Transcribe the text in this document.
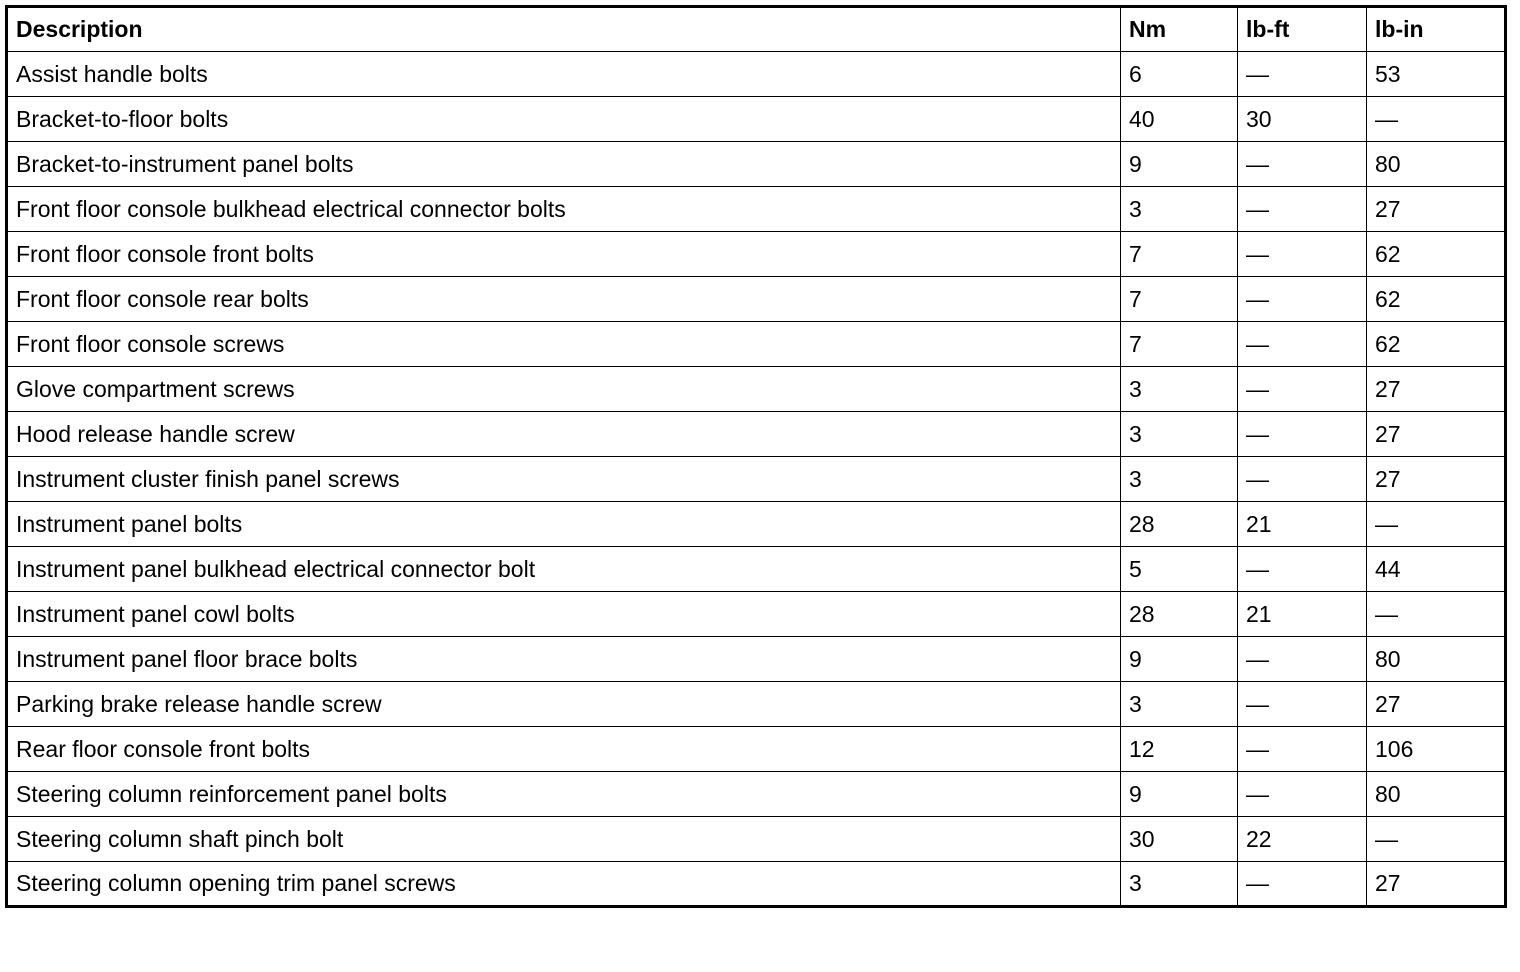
Description	Nm	lb-ft	lb-in
Assist handle bolts	6	—	53
Bracket-to-floor bolts	40	30	—
Bracket-to-instrument panel bolts	9	—	80
Front floor console bulkhead electrical connector bolts	3	—	27
Front floor console front bolts	7	—	62
Front floor console rear bolts	7	—	62
Front floor console screws	7	—	62
Glove compartment screws	3	—	27
Hood release handle screw	3	—	27
Instrument cluster finish panel screws	3	—	27
Instrument panel bolts	28	21	—
Instrument panel bulkhead electrical connector bolt	5	—	44
Instrument panel cowl bolts	28	21	—
Instrument panel floor brace bolts	9	—	80
Parking brake release handle screw	3	—	27
Rear floor console front bolts	12	—	106
Steering column reinforcement panel bolts	9	—	80
Steering column shaft pinch bolt	30	22	—
Steering column opening trim panel screws	3	—	27
